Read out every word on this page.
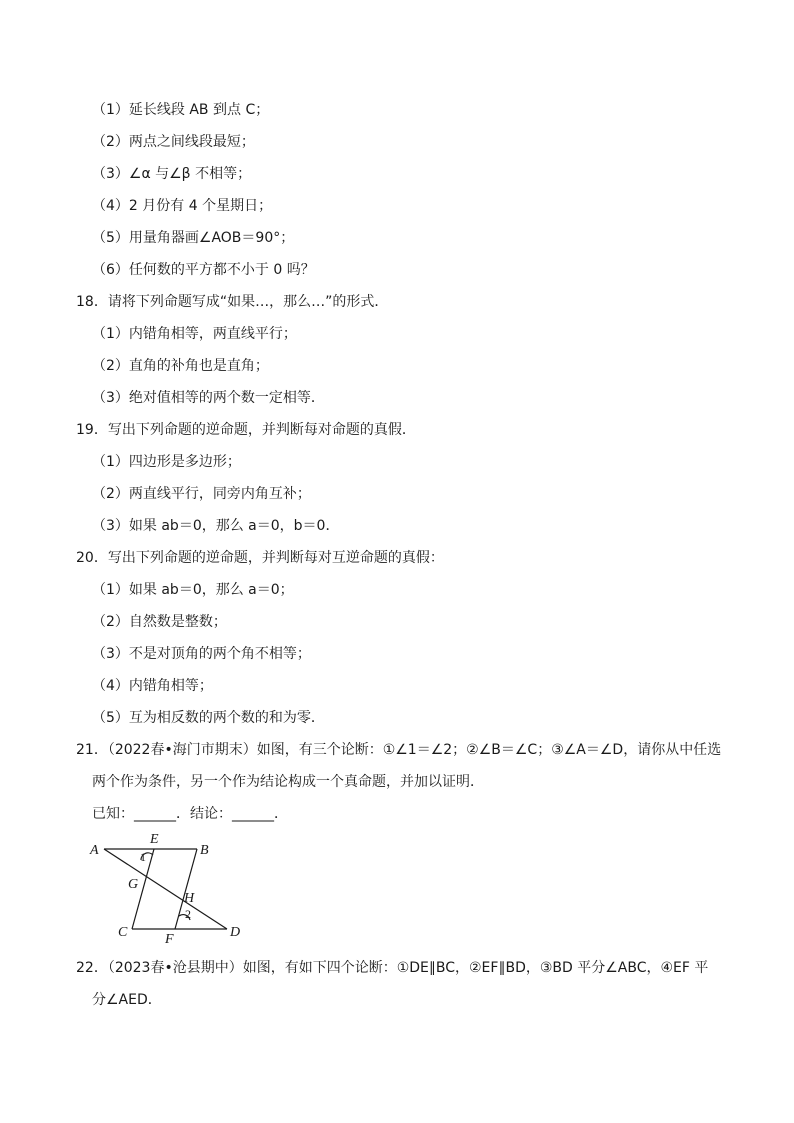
（1）延长线段 AB 到点 C；
（2）两点之间线段最短；
（3）∠α 与∠β 不相等；
（4）2 月份有 4 个星期日；
（5）用量角器画∠AOB＝90°；
（6）任何数的平方都不小于 0 吗？
18．请将下列命题写成“如果…，那么…”的形式．
（1）内错角相等，两直线平行；
（2）直角的补角也是直角；
（3）绝对值相等的两个数一定相等．
19．写出下列命题的逆命题，并判断每对命题的真假．
（1）四边形是多边形；
（2）两直线平行，同旁内角互补；
（3）如果 ab＝0，那么 a＝0，b＝0．
20．写出下列命题的逆命题，并判断每对互逆命题的真假：
（1）如果 ab＝0，那么 a＝0；
（2）自然数是整数；
（3）不是对顶角的两个角不相等；
（4）内错角相等；
（5）互为相反数的两个数的和为零．
21．（2022春•海门市期末）如图，有三个论断：①∠1＝∠2；②∠B＝∠C；③∠A＝∠D，请你从中任选
两个作为条件，另一个作为结论构成一个真命题，并加以证明．
已知：______．结论：______．
A
E
B
1
G
H
2
C	F	D
22．（2023春•沧县期中）如图，有如下四个论断：①DE∥BC，②EF∥BD，③BD 平分∠ABC，④EF 平
分∠AED．
